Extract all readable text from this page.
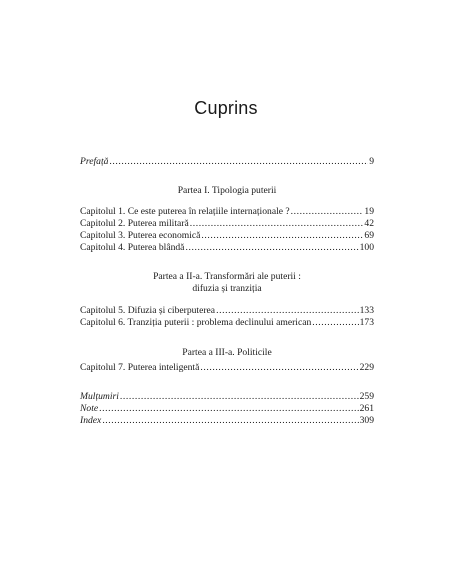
Cuprins
Prefață .....	9
Partea I. Tipologia puterii
Capitolul 1. Ce este puterea în relațiile internaționale ? .....	19
Capitolul 2. Puterea militară .....	42
Capitolul 3. Puterea economică .....	69
Capitolul 4. Puterea blândă .....	100
Partea a II-a. Transformări ale puterii :
difuzia și tranziția
Capitolul 5. Difuzia și ciberputerea .....	133
Capitolul 6. Tranziția puterii : problema declinului american .....	173
Partea a III-a. Politicile
Capitolul 7. Puterea inteligentă .....	229
Mulțumiri .....	259
Note .....	261
Index .....	309
